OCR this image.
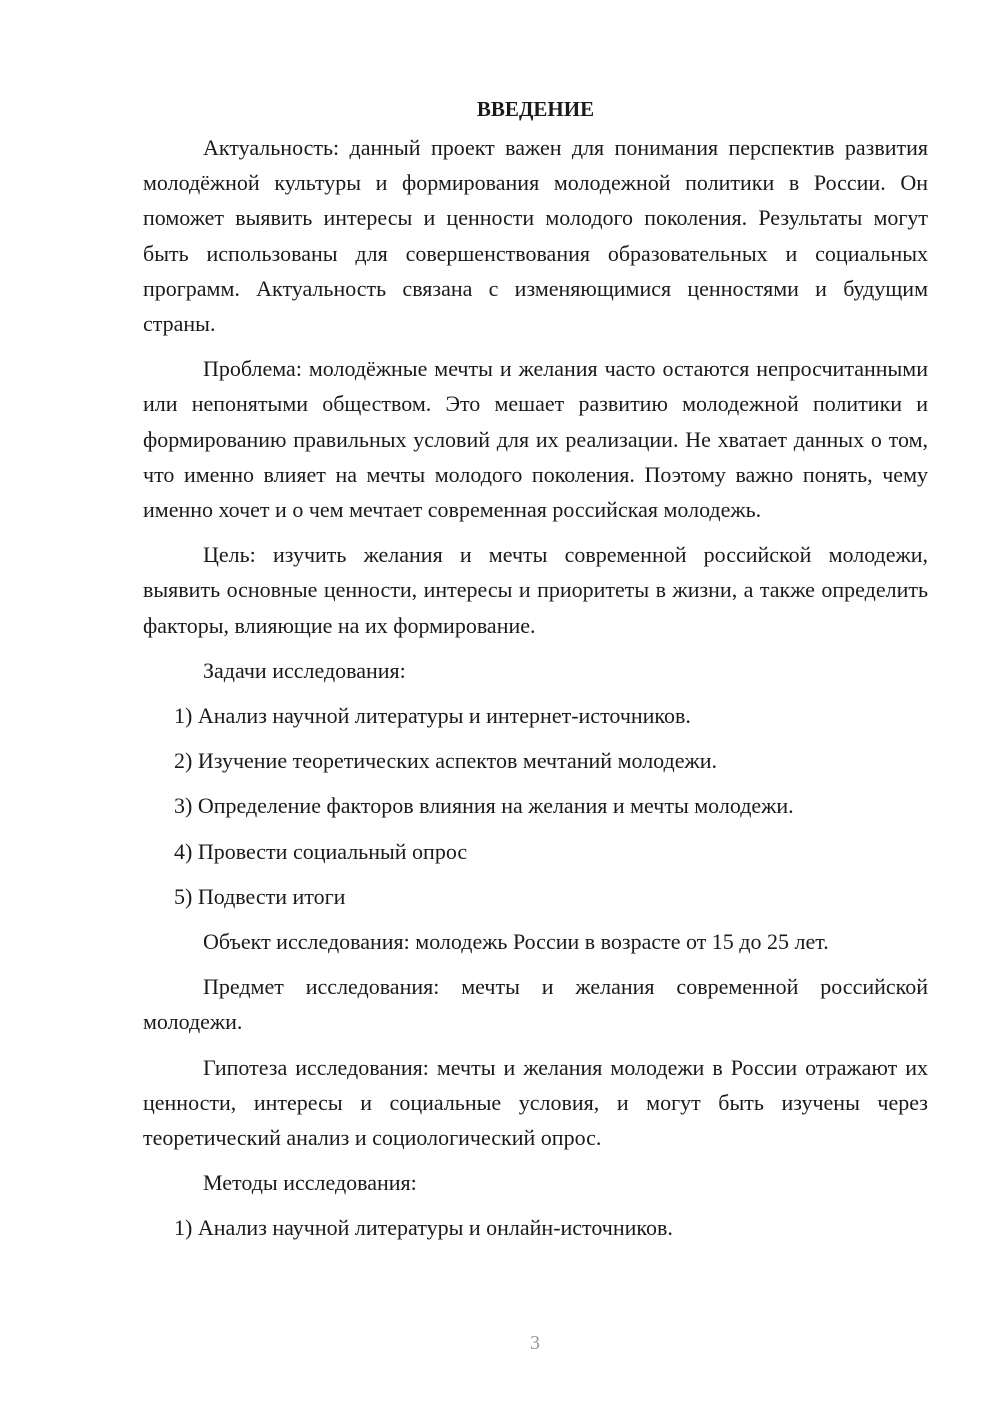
ВВЕДЕНИЕ
Актуальность: данный проект важен для понимания перспектив развития молодёжной культуры и формирования молодежной политики в России. Он поможет выявить интересы и ценности молодого поколения. Результаты могут быть использованы для совершенствования образовательных и социальных программ. Актуальность связана с изменяющимися ценностями и будущим страны.
Проблема: молодёжные мечты и желания часто остаются непросчитанными или непонятыми обществом. Это мешает развитию молодежной политики и формированию правильных условий для их реализации. Не хватает данных о том, что именно влияет на мечты молодого поколения. Поэтому важно понять, чему именно хочет и о чем мечтает современная российская молодежь.
Цель: изучить желания и мечты современной российской молодежи, выявить основные ценности, интересы и приоритеты в жизни, а также определить факторы, влияющие на их формирование.
Задачи исследования:
1) Анализ научной литературы и интернет-источников.
2) Изучение теоретических аспектов мечтаний молодежи.
3) Определение факторов влияния на желания и мечты молодежи.
4) Провести социальный опрос
5) Подвести итоги
Объект исследования: молодежь России в возрасте от 15 до 25 лет.
Предмет исследования: мечты и желания современной российской молодежи.
Гипотеза исследования: мечты и желания молодежи в России отражают их ценности, интересы и социальные условия, и могут быть изучены через теоретический анализ и социологический опрос.
Методы исследования:
1) Анализ научной литературы и онлайн-источников.
3
